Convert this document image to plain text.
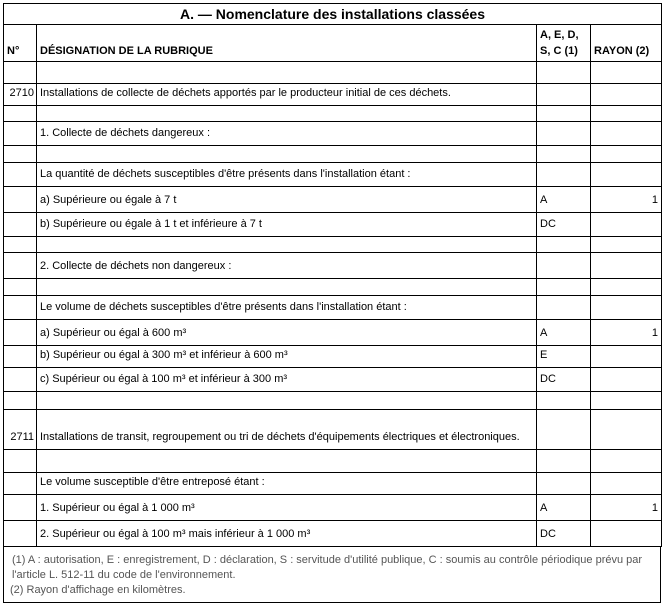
A. — Nomenclature des installations classées			
N°	DÉSIGNATION DE LA RUBRIQUE	A, E, D, S, C (1)	RAYON (2)

2710	Installations de collecte de déchets apportés par le producteur initial de ces déchets.		

	1. Collecte de déchets dangereux :		

	La quantité de déchets susceptibles d'être présents dans l'installation étant :		
	a) Supérieure ou égale à 7 t	A	1
	b) Supérieure ou égale à 1 t et inférieure à 7 t	DC	

	2. Collecte de déchets non dangereux :		

	Le volume de déchets susceptibles d'être présents dans l'installation étant :		
	a) Supérieur ou égal à 600 m³	A	1
	b) Supérieur ou égal à 300 m³ et inférieur à 600 m³	E	
	c) Supérieur ou égal à 100 m³ et inférieur à 300 m³	DC	

2711	Installations de transit, regroupement ou tri de déchets d'équipements électriques et électroniques.		

	Le volume susceptible d'être entreposé étant :		
	1. Supérieur ou égal à 1 000 m³	A	1
	2. Supérieur ou égal à 100 m³ mais inférieur à 1 000 m³	DC	
(1) A : autorisation, E : enregistrement, D : déclaration, S : servitude d'utilité publique, C : soumis au contrôle périodique prévu par l'article L. 512-11 du code de l'environnement.
(2) Rayon d'affichage en kilomètres.
